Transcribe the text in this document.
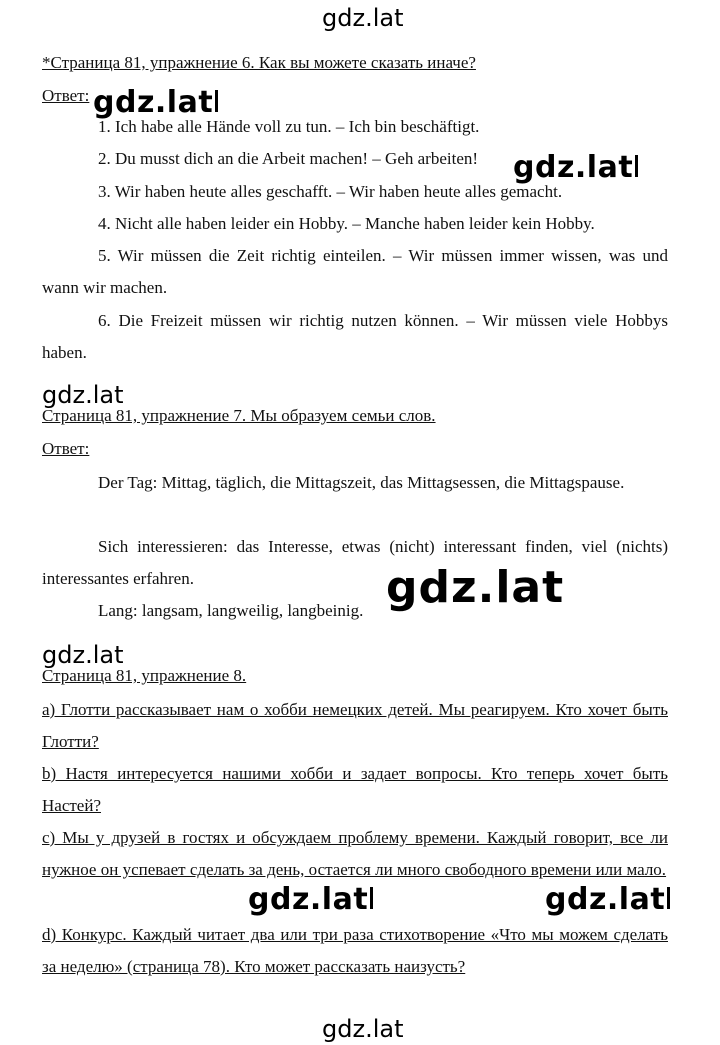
gdz.lat
*Страница 81, упражнение 6. Как вы можете сказать иначе?
Ответ: gdz.lat
1. Ich habe alle Hände voll zu tun. – Ich bin beschäftigt.
2. Du musst dich an die Arbeit machen! – Geh arbeiten!	gdz.lat
3. Wir haben heute alles geschafft. – Wir haben heute alles gemacht.
4. Nicht alle haben leider ein Hobby. – Manche haben leider kein Hobby.
5. Wir müssen die Zeit richtig einteilen. – Wir müssen immer wissen, was und wann wir machen.
6. Die Freizeit müssen wir richtig nutzen können. – Wir müssen viele Hobbys haben.
gdz.lat
Страница 81, упражнение 7. Мы образуем семьи слов.
Ответ:
Der Tag: Mittag, täglich, die Mittagszeit, das Mittagsessen, die Mittagspause.
Sich interessieren: das Interesse, etwas (nicht) interessant finden, viel (nichts) interessantes erfahren.
Lang: langsam, langweilig, langbeinig. gdz.lat
gdz.lat
Страница 81, упражнение 8.
a) Глотти рассказывает нам о хобби немецких детей. Мы реагируем. Кто хочет быть Глотти?
b) Настя интересуется нашими хобби и задает вопросы. Кто теперь хочет быть Настей?
c) Мы у друзей в гостях и обсуждаем проблему времени. Каждый говорит, все ли нужное он успевает сделать за день, остается ли много свободного времени или мало.
gdz.lat	gdz.lat
d) Конкурс. Каждый читает два или три раза стихотворение «Что мы можем сделать за неделю» (страница 78). Кто может рассказать наизусть?
gdz.lat
